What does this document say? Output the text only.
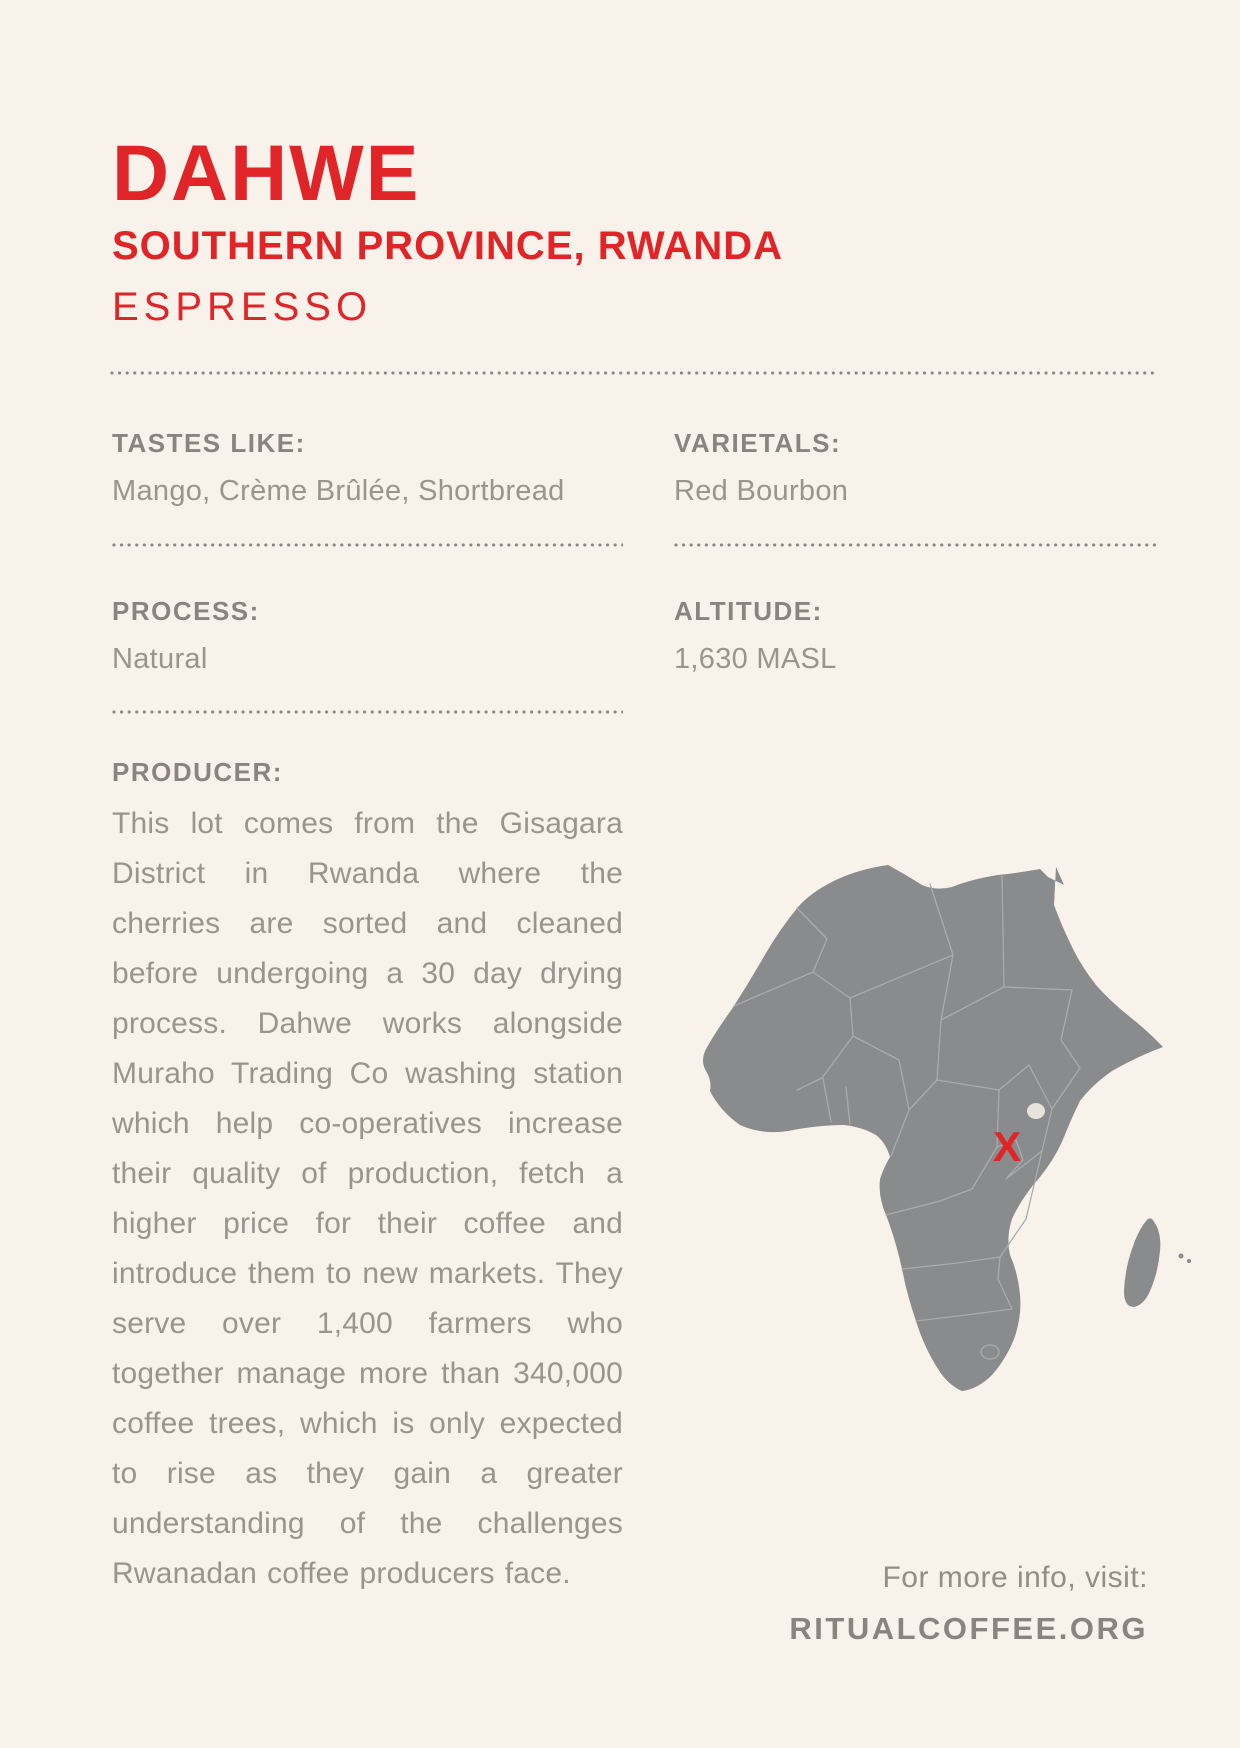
DAHWE
SOUTHERN PROVINCE, RWANDA
ESPRESSO

TASTES LIKE:

Mango, Crème Brûlée, Shortbread

VARIETALS:

Red Bourbon

PROCESS:

Natural

ALTITUDE:

1,630 MASL

PRODUCER:

This lot comes from the Gisagara District in Rwanda where the cherries are sorted and cleaned before undergoing a 30 day drying process. Dahwe works alongside Muraho Trading Co washing station which help co-operatives increase their quality of production, fetch a higher price for their coffee and introduce them to new markets. They serve over 1,400 farmers who together manage more than 340,000 coffee trees, which is only expected to rise as they gain a greater understanding of the challenges Rwanadan coffee producers face.

X

For more info, visit:

RITUALCOFFEE.ORG
